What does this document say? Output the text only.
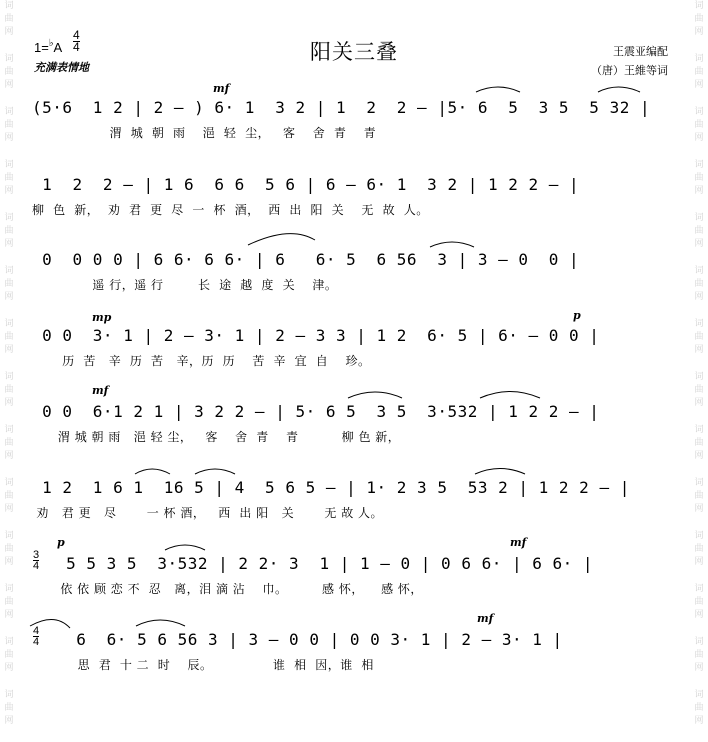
词
曲
网
词
曲
网
词
曲
网
词
曲
网
词
曲
网
词
曲
网
词
曲
网
词
曲
网
词
曲
网
词
曲
网
词
曲
网
词
曲
网
词
曲
网
词
曲
网
词
曲
网
词
曲
网
词
曲
网
词
曲
网
词
曲
网
词
曲
网
词
曲
网
词
曲
网
词
曲
网
词
曲
网
词
曲
网
词
曲
网
词
曲
网
词
曲
网
1=♭A
4
4
充满表情地
阳关三叠	王震亚编配
（唐）王維等词
(5·6  1 2 | 2 – ) 6· 1  3 2 | 1  2  2 – |5· 6  5  3 5  5 32 |
渭  城  朝  雨    浥  轻  尘，   客    舍  青    青
mf
1  2  2 – | 1 6  6 6  5 6 | 6 – 6· 1  3 2 | 1 2 2 – |
柳  色  新，  劝  君  更  尽  一  杯  酒，  西  出  阳  关    无  故  人。
0  0 0 0 | 6 6· 6 6· | 6   6· 5  6 56  3 | 3 – 0  0 |
遥 行，遥 行        长  途  越  度  关    津。
0 0  3· 1 | 2 – 3· 1 | 2 – 3 3 | 1 2  6· 5 | 6· – 0 0 |
历  苦   辛  历  苦   辛，历  历    苦  辛  宜  自    珍。
mp	p
0 0  6·1 2 1 | 3 2 2 – | 5· 6 5  3 5  3·532 | 1 2 2 – |
渭 城 朝 雨   浥 轻 尘，   客    舍  青    青          柳 色 新，
mf
1 2  1 6 1  16 5 | 4  5 6 5 – | 1· 2 3 5  53 2 | 1 2 2 – |
劝   君 更   尽       一 杯 酒，   西  出 阳   关       无 故 人。
3
4 5 5 3 5  3·532 | 2 2· 3  1 | 1 – 0 | 0 6 6· | 6 6· |
依 依 顾 恋 不  忍   离，泪 滴 沾    巾。        感 怀，    感 怀，
p	mf
4
4 6  6· 5 6 56 3 | 3 – 0 0 | 0 0 3· 1 | 2 – 3· 1 |
思  君  十 二  时    辰。              谁  相  因，谁  相
mf
